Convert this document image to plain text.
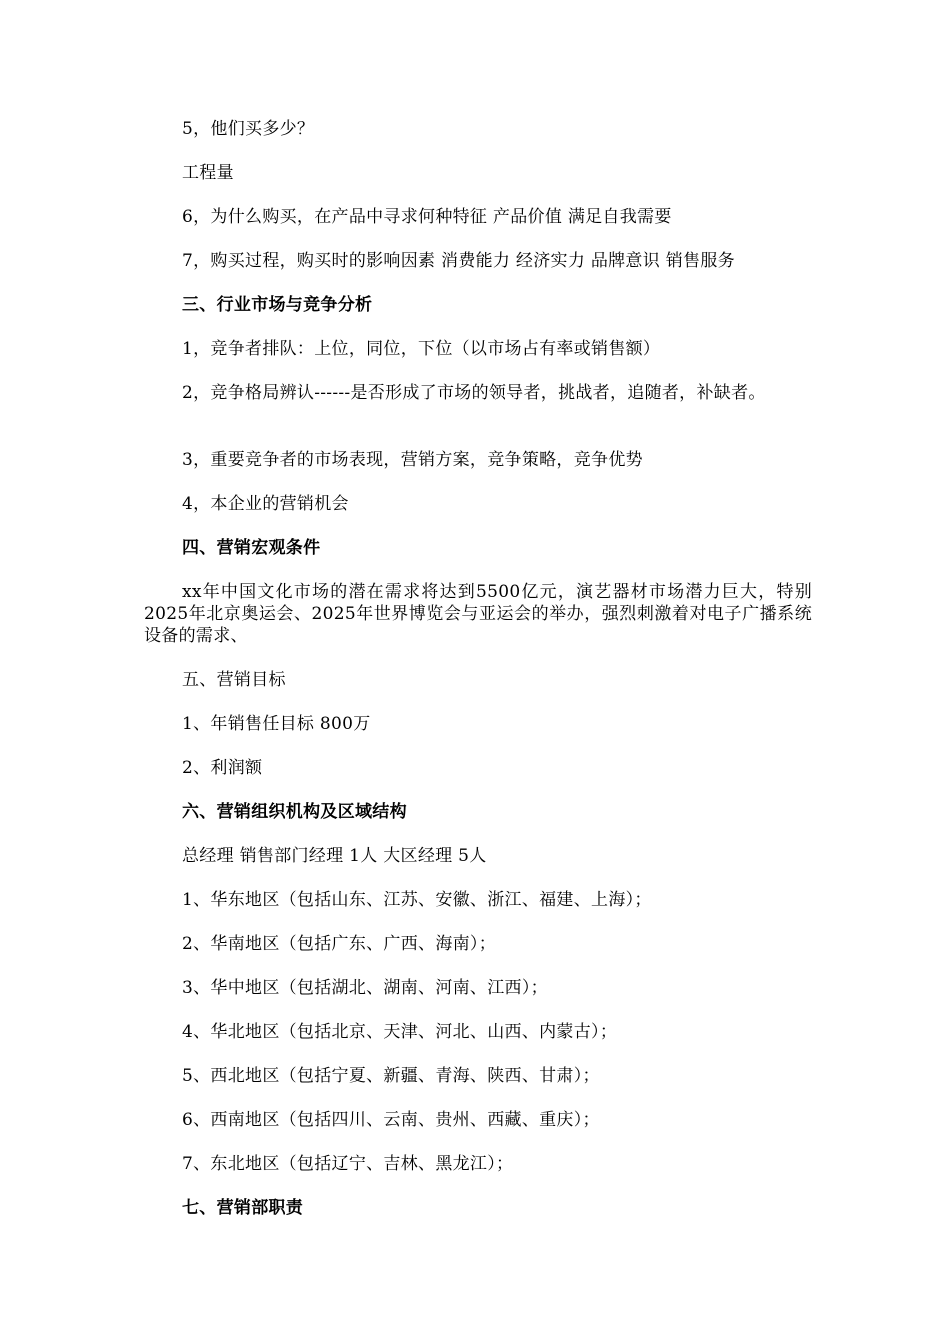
5，他们买多少？
工程量
6，为什么购买，在产品中寻求何种特征 产品价值 满足自我需要
7，购买过程，购买时的影响因素 消费能力 经济实力 品牌意识 销售服务
三、行业市场与竞争分析
1，竞争者排队：上位，同位，下位（以市场占有率或销售额）
2，竞争格局辨认------是否形成了市场的领导者，挑战者，追随者，补缺者。
3，重要竞争者的市场表现，营销方案，竞争策略，竞争优势
4，本企业的营销机会
四、营销宏观条件
xx年中国文化市场的潜在需求将达到5500亿元，演艺器材市场潜力巨大，特别2025年北京奥运会、2025年世界博览会与亚运会的举办，强烈刺激着对电子广播系统设备的需求、
五、营销目标
1、年销售任目标 800万
2、利润额
六、营销组织机构及区域结构
总经理 销售部门经理 1人 大区经理 5人
1、华东地区（包括山东、江苏、安徽、浙江、福建、上海）；
2、华南地区（包括广东、广西、海南）；
3、华中地区（包括湖北、湖南、河南、江西）；
4、华北地区（包括北京、天津、河北、山西、内蒙古）；
5、西北地区（包括宁夏、新疆、青海、陕西、甘肃）；
6、西南地区（包括四川、云南、贵州、西藏、重庆）；
7、东北地区（包括辽宁、吉林、黑龙江）；
七、营销部职责
